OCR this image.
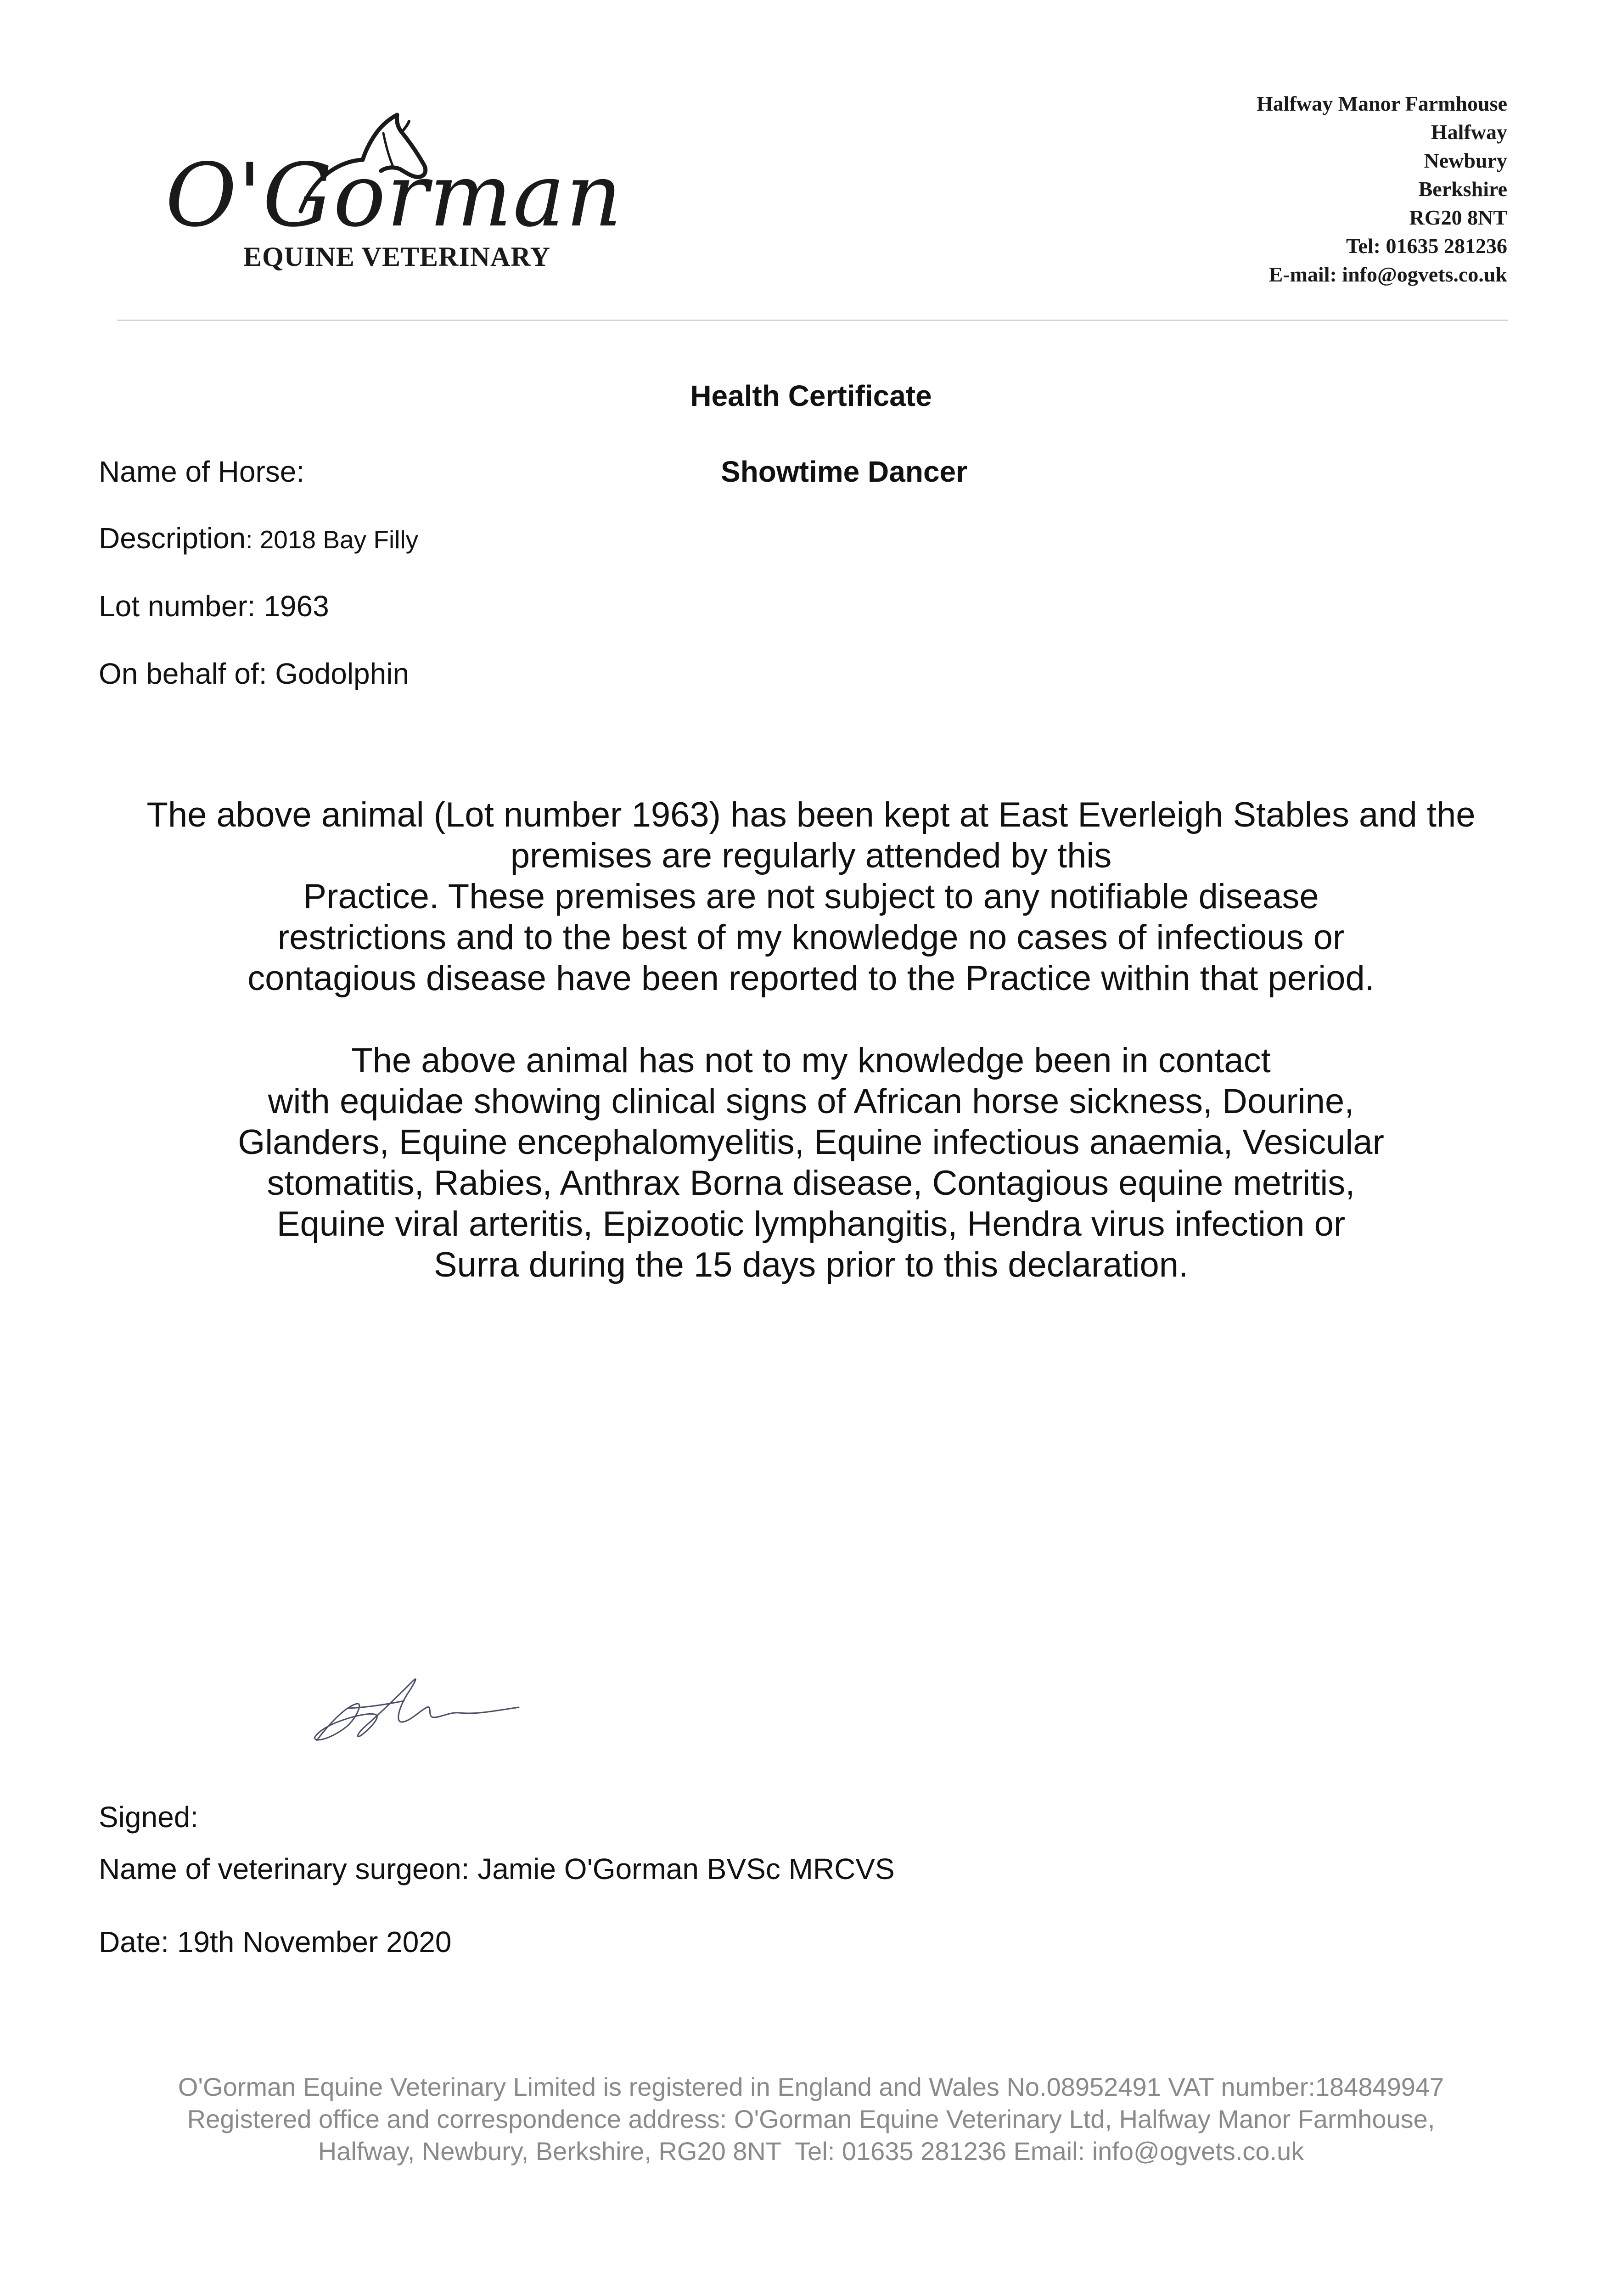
O'Gorman
EQUINE VETERINARY
Halfway Manor Farmhouse
Halfway
Newbury
Berkshire
RG20 8NT
Tel: 01635 281236
E-mail: info@ogvets.co.uk
Health Certificate
Name of Horse:	Showtime Dancer
Description: 2018 Bay Filly
Lot number: 1963
On behalf of: Godolphin
The above animal (Lot number 1963) has been kept at East Everleigh Stables and the
premises are regularly attended by this
Practice. These premises are not subject to any notifiable disease
restrictions and to the best of my knowledge no cases of infectious or
contagious disease have been reported to the Practice within that period.
The above animal has not to my knowledge been in contact
with equidae showing clinical signs of African horse sickness, Dourine,
Glanders, Equine encephalomyelitis, Equine infectious anaemia, Vesicular
stomatitis, Rabies, Anthrax Borna disease, Contagious equine metritis,
Equine viral arteritis, Epizootic lymphangitis, Hendra virus infection or
Surra during the 15 days prior to this declaration.
Signed:
Name of veterinary surgeon: Jamie O'Gorman BVSc MRCVS
Date: 19th November 2020
O'Gorman Equine Veterinary Limited is registered in England and Wales No.08952491 VAT number:184849947
Registered office and correspondence address: O'Gorman Equine Veterinary Ltd, Halfway Manor Farmhouse,
Halfway, Newbury, Berkshire, RG20 8NT  Tel: 01635 281236 Email: info@ogvets.co.uk
